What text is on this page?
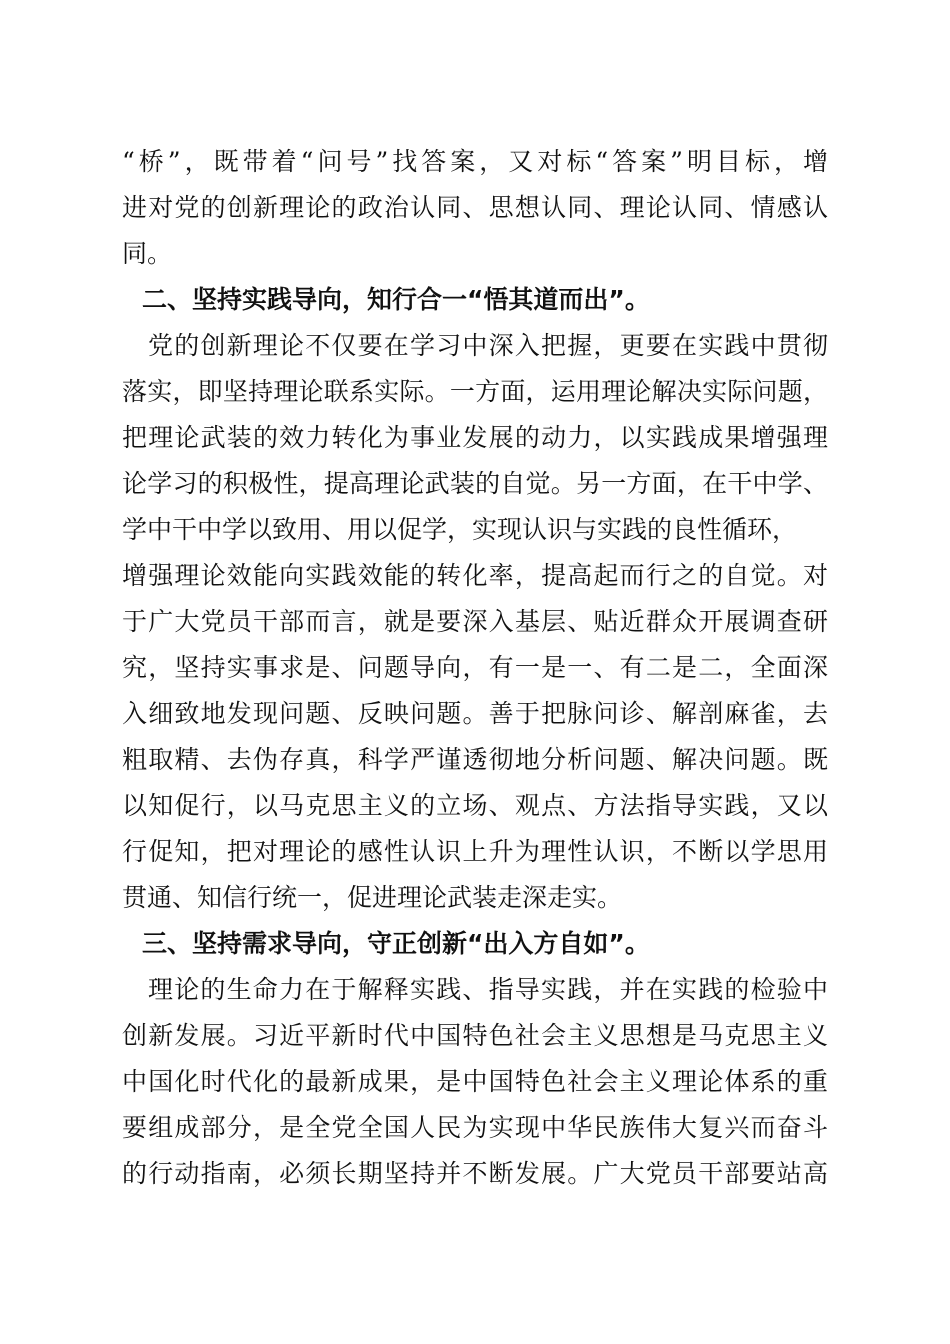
“桥”，既带着“问号”找答案，又对标“答案”明目标，增
进对党的创新理论的政治认同、思想认同、理论认同、情感认
同。
二、坚持实践导向，知行合一“悟其道而出”。
党的创新理论不仅要在学习中深入把握，更要在实践中贯彻
落实，即坚持理论联系实际。一方面，运用理论解决实际问题，
把理论武装的效力转化为事业发展的动力，以实践成果增强理
论学习的积极性，提高理论武装的自觉。另一方面，在干中学、
学中干中学以致用、用以促学，实现认识与实践的良性循环，
增强理论效能向实践效能的转化率，提高起而行之的自觉。对
于广大党员干部而言，就是要深入基层、贴近群众开展调查研
究，坚持实事求是、问题导向，有一是一、有二是二，全面深
入细致地发现问题、反映问题。善于把脉问诊、解剖麻雀，去
粗取精、去伪存真，科学严谨透彻地分析问题、解决问题。既
以知促行，以马克思主义的立场、观点、方法指导实践，又以
行促知，把对理论的感性认识上升为理性认识，不断以学思用
贯通、知信行统一，促进理论武装走深走实。
三、坚持需求导向，守正创新“出入方自如”。
理论的生命力在于解释实践、指导实践，并在实践的检验中
创新发展。习近平新时代中国特色社会主义思想是马克思主义
中国化时代化的最新成果，是中国特色社会主义理论体系的重
要组成部分，是全党全国人民为实现中华民族伟大复兴而奋斗
的行动指南，必须长期坚持并不断发展。广大党员干部要站高
